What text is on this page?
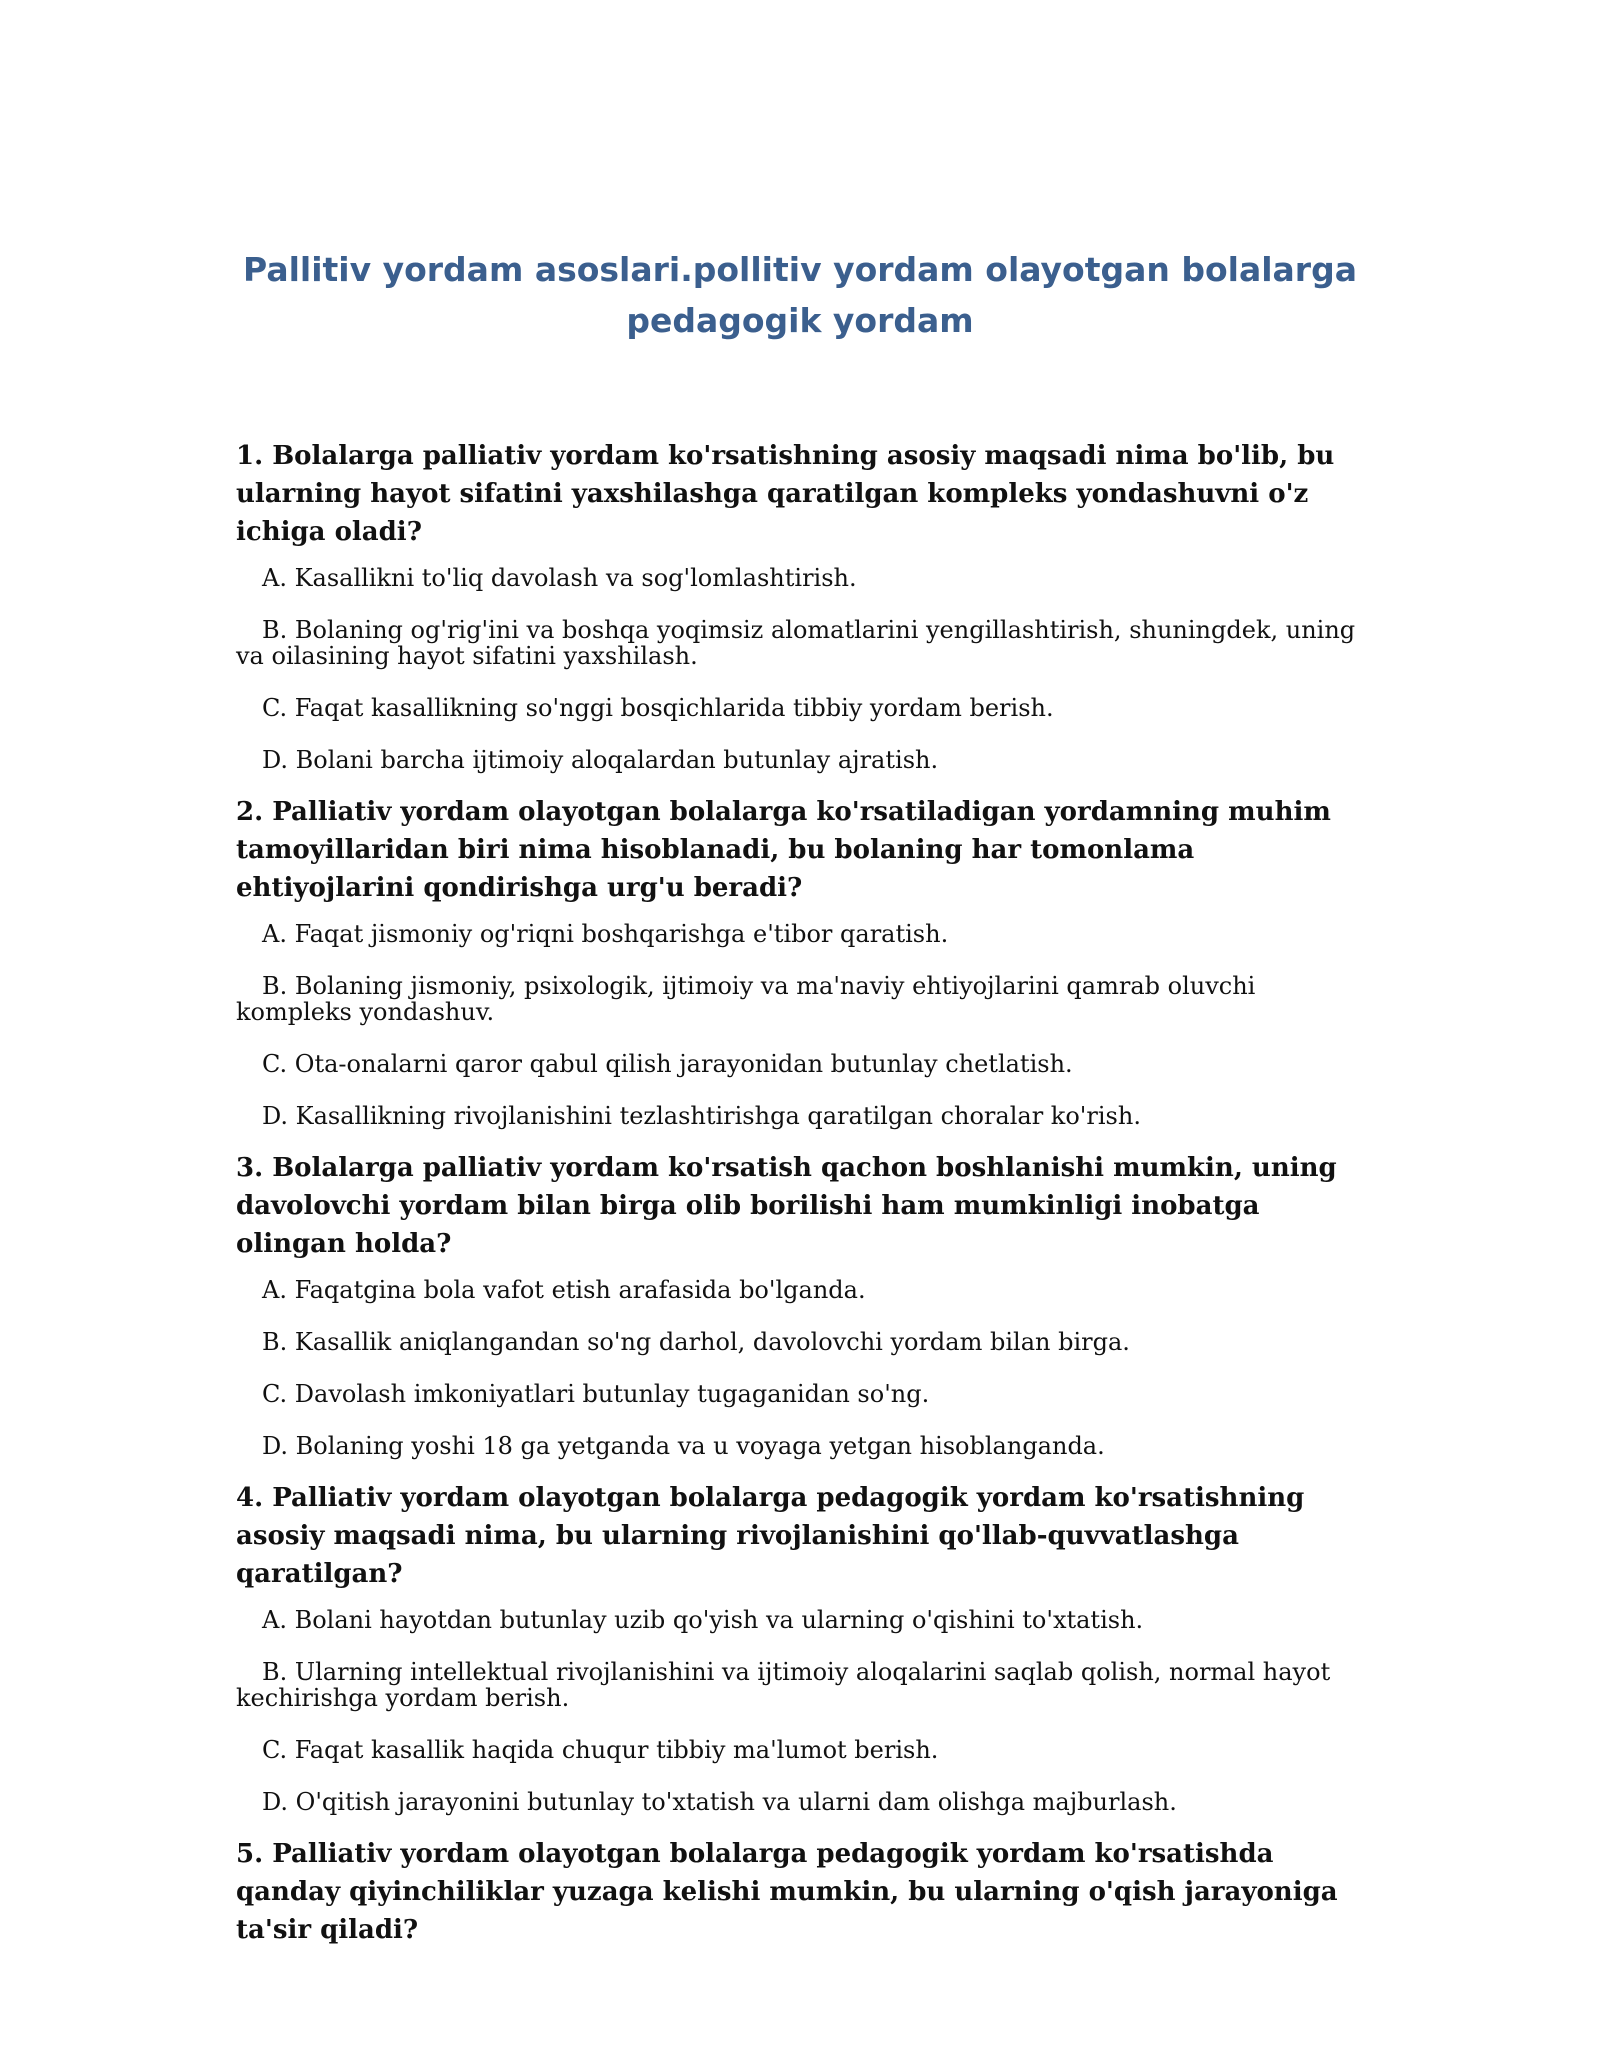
Pallitiv yordam asoslari.pollitiv yordam olayotgan bolalarga pedagogik yordam

1. Bolalarga palliativ yordam ko'rsatishning asosiy maqsadi nima bo'lib, bu ularning hayot sifatini yaxshilashga qaratilgan kompleks yondashuvni o'z ichiga oladi?

A. Kasallikni to'liq davolash va sog'lomlashtirish.

B. Bolaning og'rig'ini va boshqa yoqimsiz alomatlarini yengillashtirish, shuningdek, uning va oilasining hayot sifatini yaxshilash.

C. Faqat kasallikning so'nggi bosqichlarida tibbiy yordam berish.

D. Bolani barcha ijtimoiy aloqalardan butunlay ajratish.

2. Palliativ yordam olayotgan bolalarga ko'rsatiladigan yordamning muhim tamoyillaridan biri nima hisoblanadi, bu bolaning har tomonlama ehtiyojlarini qondirishga urg'u beradi?

A. Faqat jismoniy og'riqni boshqarishga e'tibor qaratish.

B. Bolaning jismoniy, psixologik, ijtimoiy va ma'naviy ehtiyojlarini qamrab oluvchi kompleks yondashuv.

C. Ota-onalarni qaror qabul qilish jarayonidan butunlay chetlatish.

D. Kasallikning rivojlanishini tezlashtirishga qaratilgan choralar ko'rish.

3. Bolalarga palliativ yordam ko'rsatish qachon boshlanishi mumkin, uning davolovchi yordam bilan birga olib borilishi ham mumkinligi inobatga olingan holda?

A. Faqatgina bola vafot etish arafasida bo'lganda.

B. Kasallik aniqlangandan so'ng darhol, davolovchi yordam bilan birga.

C. Davolash imkoniyatlari butunlay tugaganidan so'ng.

D. Bolaning yoshi 18 ga yetganda va u voyaga yetgan hisoblanganda.

4. Palliativ yordam olayotgan bolalarga pedagogik yordam ko'rsatishning asosiy maqsadi nima, bu ularning rivojlanishini qo'llab-quvvatlashga qaratilgan?

A. Bolani hayotdan butunlay uzib qo'yish va ularning o'qishini to'xtatish.

B. Ularning intellektual rivojlanishini va ijtimoiy aloqalarini saqlab qolish, normal hayot kechirishga yordam berish.

C. Faqat kasallik haqida chuqur tibbiy ma'lumot berish.

D. O'qitish jarayonini butunlay to'xtatish va ularni dam olishga majburlash.

5. Palliativ yordam olayotgan bolalarga pedagogik yordam ko'rsatishda qanday qiyinchiliklar yuzaga kelishi mumkin, bu ularning o'qish jarayoniga ta'sir qiladi?
